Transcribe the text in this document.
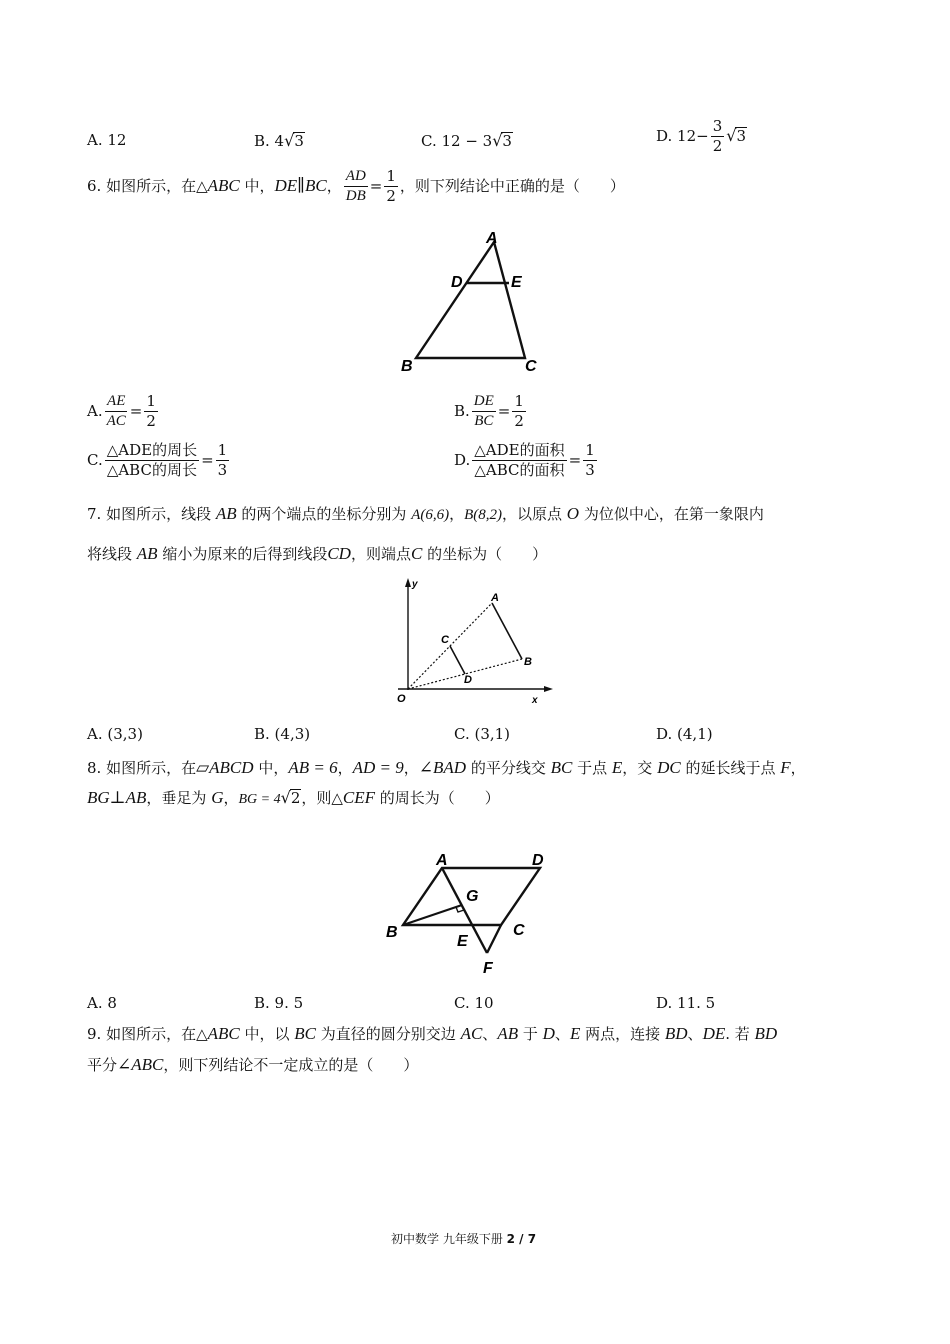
A. 12	B. 4√3	C. 12 − 3√3	D. $12- \frac{3}{2} √3$
6. 如图所示，在△ABC 中，DE∥BC， $\frac{AD}{DB} = \frac{1}{2}$ ，则下列结论中正确的是（　　）
A
D	E
B	C
A. $\frac{AE}{AC} = \frac{1}{2}$	B. $\frac{DE}{BC} = \frac{1}{2}$
C. $\frac{\text{△ADE的周长}}{\text{△ABC的周长}} = \frac{1}{3}$	D. $\frac{\text{△ADE的面积}}{\text{△ABC的面积}} = \frac{1}{3}$
7. 如图所示，线段 AB 的两个端点的坐标分别为 A(6,6)，B(8,2)，以原点 O 为位似中心，在第一象限内
将线段 AB 缩小为原来的后得到线段CD，则端点C 的坐标为（　　）
y
x
O
A
B
C
D
A. (3,3)	B. (4,3)	C. (3,1)	D. (4,1)
8. 如图所示，在▱ABCD 中，AB = 6，AD = 9，∠BAD 的平分线交 BC 于点 E，交 DC 的延长线于点 F，
BG⊥AB，垂足为 G，BG = 4√2，则△CEF 的周长为（　　）
A	D
G
B
E
C
F
A. 8	B. 9. 5	C. 10	D. 11. 5
9. 如图所示，在△ABC 中，以 BC 为直径的圆分别交边 AC、AB 于 D、E 两点，连接 BD、DE. 若 BD
平分∠ABC，则下列结论不一定成立的是（　　）
初中数学 九年级下册 2 / 7
